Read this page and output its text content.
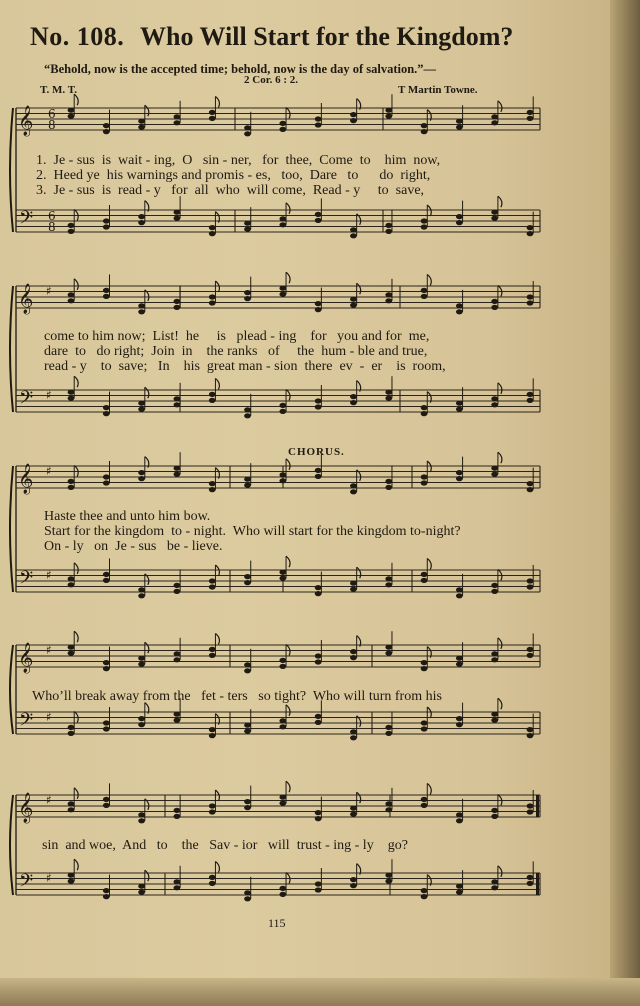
No. 108. Who Will Start for the Kingdom?
“Behold, now is the accepted time; behold, now is the day of salvation.”—
2 Cor. 6 : 2.
T. M. T.	T Martin Towne.
𝄞
𝄢
6
8
6
8
𝄞
𝄢
♯
♯
𝄞
𝄢
♯
♯
𝄞
𝄢
♯
♯
𝄞
𝄢
♯
♯
1.  Je - sus  is  wait - ing,  O   sin - ner,   for  thee,  Come  to    him  now,
2.  Heed ye  his warnings and promis - es,   too,  Dare   to      do  right,
3.  Je - sus  is  read - y   for  all  who  will come,  Read - y     to  save,
come to him now;  List!  he     is   plead - ing    for   you and for  me,
dare  to   do right;  Join  in    the ranks   of     the  hum - ble and true,
read - y    to  save;   In    his  great man - sion  there  ev  -  er    is  room,
CHORUS.
Haste thee and unto him bow.
Start for the kingdom  to - night.  Who will start for the kingdom to-night?
On - ly   on  Je - sus   be - lieve.
Who’ll break away from the   fet - ters   so tight?  Who will turn from his
sin  and woe,  And   to    the   Sav - ior   will  trust - ing - ly    go?
115
